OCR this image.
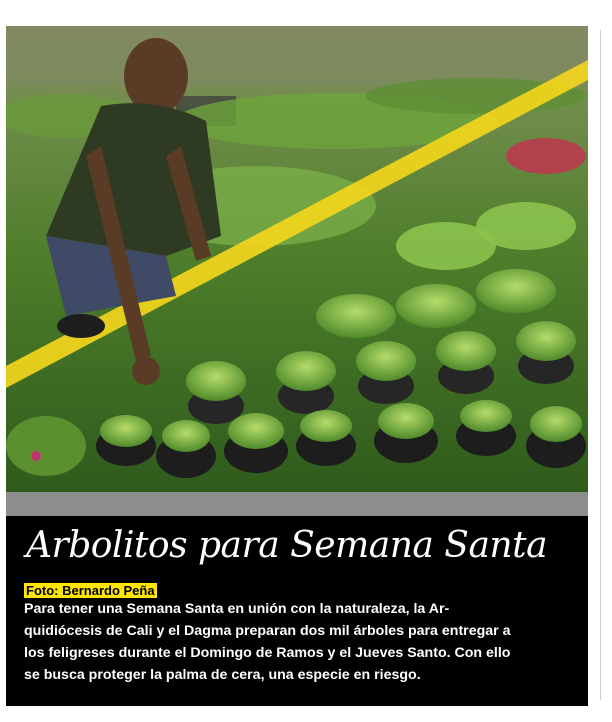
Arbolitos para Semana Santa
Foto: Bernardo Peña

Para tener una Semana Santa en unión con la naturaleza, la Ar-

quidiócesis de Cali y el Dagma preparan dos mil árboles para entregar a

los feligreses durante el Domingo de Ramos y el Jueves Santo. Con ello

se busca proteger la palma de cera, una especie en riesgo.
